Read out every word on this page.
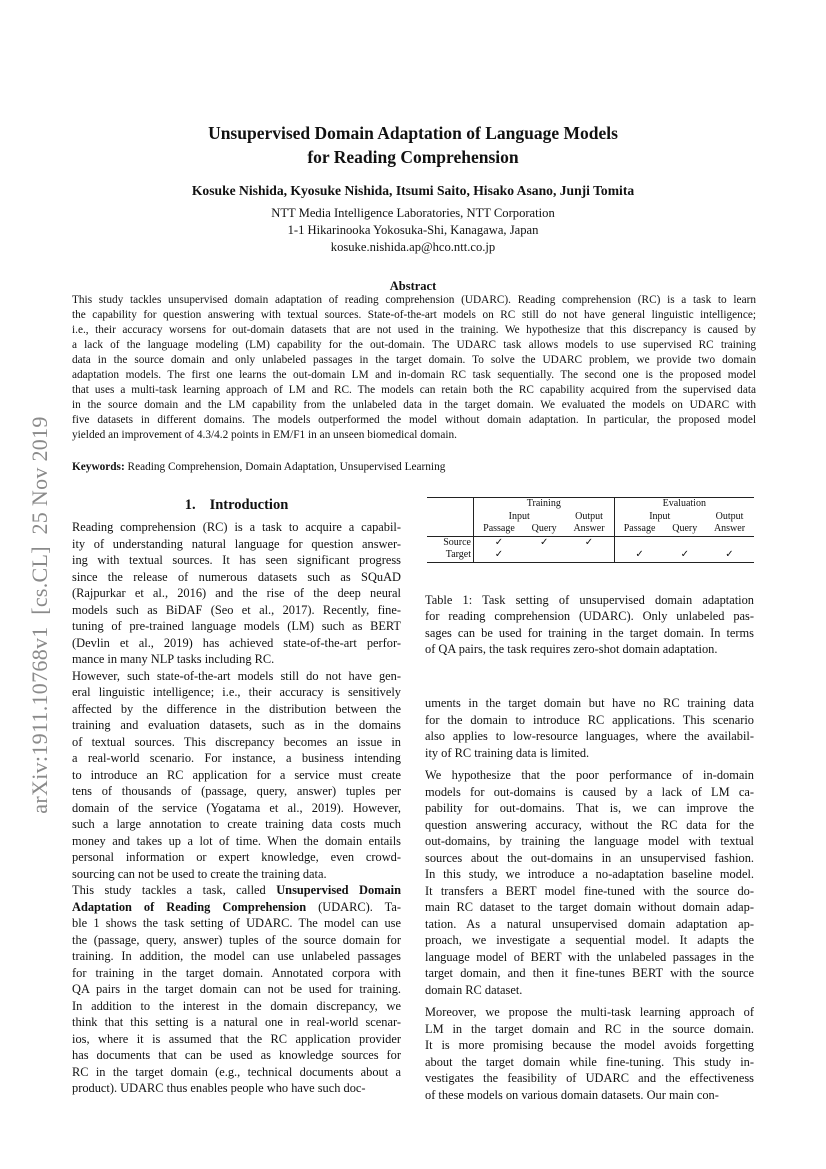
arXiv:1911.10768v1  [cs.CL]  25 Nov 2019
Unsupervised Domain Adaptation of Language Models
for Reading Comprehension
Kosuke Nishida, Kyosuke Nishida, Itsumi Saito, Hisako Asano, Junji Tomita
NTT Media Intelligence Laboratories, NTT Corporation
1-1 Hikarinooka Yokosuka-Shi, Kanagawa, Japan
kosuke.nishida.ap@hco.ntt.co.jp
Abstract
This study tackles unsupervised domain adaptation of reading comprehension (UDARC). Reading comprehension (RC) is a task to learn
the capability for question answering with textual sources. State-of-the-art models on RC still do not have general linguistic intelligence;
i.e., their accuracy worsens for out-domain datasets that are not used in the training. We hypothesize that this discrepancy is caused by
a lack of the language modeling (LM) capability for the out-domain. The UDARC task allows models to use supervised RC training
data in the source domain and only unlabeled passages in the target domain. To solve the UDARC problem, we provide two domain
adaptation models. The first one learns the out-domain LM and in-domain RC task sequentially. The second one is the proposed model
that uses a multi-task learning approach of LM and RC. The models can retain both the RC capability acquired from the supervised data
in the source domain and the LM capability from the unlabeled data in the target domain. We evaluated the models on UDARC with
five datasets in different domains. The models outperformed the model without domain adaptation. In particular, the proposed model
yielded an improvement of 4.3/4.2 points in EM/F1 in an unseen biomedical domain.
Keywords: Reading Comprehension, Domain Adaptation, Unsupervised Learning
1. Introduction
Reading comprehension (RC) is a task to acquire a capabil-
ity of understanding natural language for question answer-
ing with textual sources. It has seen significant progress
since the release of numerous datasets such as SQuAD
(Rajpurkar et al., 2016) and the rise of the deep neural
models such as BiDAF (Seo et al., 2017). Recently, fine-
tuning of pre-trained language models (LM) such as BERT
(Devlin et al., 2019) has achieved state-of-the-art perfor-
mance in many NLP tasks including RC.
However, such state-of-the-art models still do not have gen-
eral linguistic intelligence; i.e., their accuracy is sensitively
affected by the difference in the distribution between the
training and evaluation datasets, such as in the domains
of textual sources. This discrepancy becomes an issue in
a real-world scenario. For instance, a business intending
to introduce an RC application for a service must create
tens of thousands of (passage, query, answer) tuples per
domain of the service (Yogatama et al., 2019). However,
such a large annotation to create training data costs much
money and takes up a lot of time. When the domain entails
personal information or expert knowledge, even crowd-
sourcing can not be used to create the training data.
This study tackles a task, called Unsupervised Domain
Adaptation of Reading Comprehension (UDARC). Ta-
ble 1 shows the task setting of UDARC. The model can use
the (passage, query, answer) tuples of the source domain for
training. In addition, the model can use unlabeled passages
for training in the target domain. Annotated corpora with
QA pairs in the target domain can not be used for training.
In addition to the interest in the domain discrepancy, we
think that this setting is a natural one in real-world scenar-
ios, where it is assumed that the RC application provider
has documents that can be used as knowledge sources for
RC in the target domain (e.g., technical documents about a
product). UDARC thus enables people who have such doc-
	Training			Evaluation		
	Input		Output	Input		Output
	Passage	Query	Answer	Passage	Query	Answer
Source	✓	✓	✓			
Target	✓			✓	✓	✓
Table 1: Task setting of unsupervised domain adaptation
for reading comprehension (UDARC). Only unlabeled pas-
sages can be used for training in the target domain. In terms
of QA pairs, the task requires zero-shot domain adaptation.
uments in the target domain but have no RC training data
for the domain to introduce RC applications. This scenario
also applies to low-resource languages, where the availabil-
ity of RC training data is limited.
We hypothesize that the poor performance of in-domain
models for out-domains is caused by a lack of LM ca-
pability for out-domains. That is, we can improve the
question answering accuracy, without the RC data for the
out-domains, by training the language model with textual
sources about the out-domains in an unsupervised fashion.
In this study, we introduce a no-adaptation baseline model.
It transfers a BERT model fine-tuned with the source do-
main RC dataset to the target domain without domain adap-
tation. As a natural unsupervised domain adaptation ap-
proach, we investigate a sequential model. It adapts the
language model of BERT with the unlabeled passages in the
target domain, and then it fine-tunes BERT with the source
domain RC dataset.
Moreover, we propose the multi-task learning approach of
LM in the target domain and RC in the source domain.
It is more promising because the model avoids forgetting
about the target domain while fine-tuning. This study in-
vestigates the feasibility of UDARC and the effectiveness
of these models on various domain datasets. Our main con-
